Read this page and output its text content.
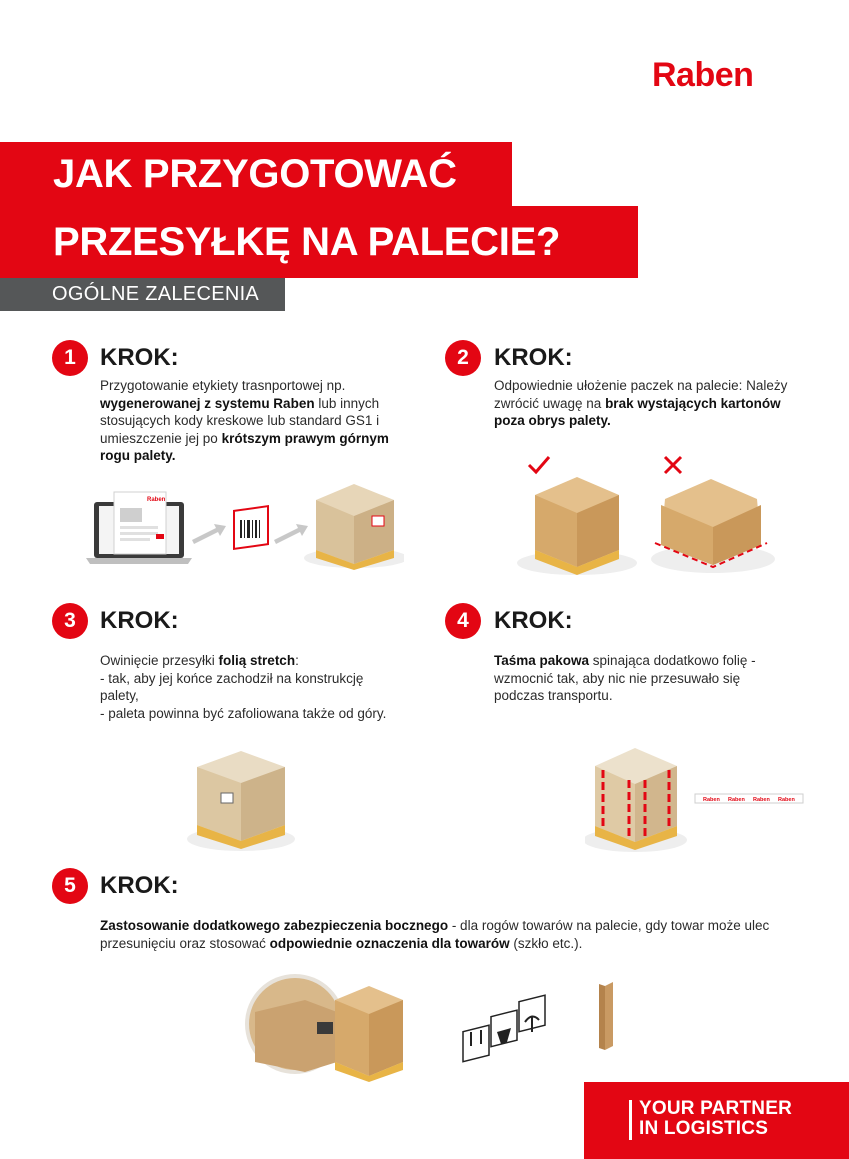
Raben
JAK PRZYGOTOWAĆ
PRZESYŁKĘ NA PALECIE?
OGÓLNE ZALECENIA
1	KROK:
Przygotowanie etykiety trasnportowej np. wygenerowanej z systemu Raben lub innych stosujących kody kreskowe lub standard GS1 i umieszczenie jej po krótszym prawym górnym rogu palety.
2	KROK:
Odpowiednie ułożenie paczek na palecie: Należy zwrócić uwagę na brak wystających kartonów poza obrys palety.
Raben
3	KROK:
Owinięcie przesyłki folią stretch:
- tak, aby jej końce zachodził na konstrukcję palety,
- paleta powinna być zafoliowana także od góry.
4	KROK:
Taśma pakowa spinająca dodatkowo folię - wzmocnić tak, aby nic nie przesuwało się podczas transportu.
Raben Raben Raben Raben
5	KROK:
Zastosowanie dodatkowego zabezpieczenia bocznego - dla rogów towarów na palecie, gdy towar może ulec przesunięciu oraz stosować odpowiednie oznaczenia dla towarów (szkło etc.).
YOUR PARTNER
IN LOGISTICS
